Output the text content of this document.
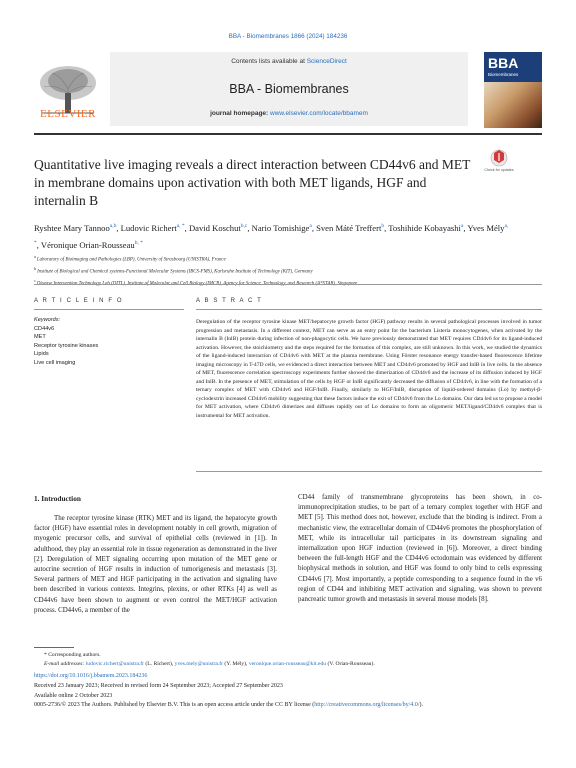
BBA - Biomembranes 1866 (2024) 184236
ELSEVIER
Contents lists available at ScienceDirect
BBA - Biomembranes
journal homepage: www.elsevier.com/locate/bbamem
BBA
Biomembranes
Quantitative live imaging reveals a direct interaction between CD44v6 and MET in membrane domains upon activation with both MET ligands, HGF and internalin B
Check for updates
Ryshtee Mary Tannoo$^{a,b}$, Ludovic Richert$^{a, *}$, David Koschut$^{b,c}$, Nario Tomishige$^a$, Sven Máté Treffert$^b$, Toshihide Kobayashi$^a$, Yves Mély$^{a, *}$, Véronique Orian-Rousseau$^{b, *}$
$^a$ Laboratory of Bioimaging and Pathologies (LBP), University of Strasbourg (UNISTRA), France
$^b$ Institute of Biological and Chemical systems-Functional Molecular Systems (IBCS-FMS), Karlsruhe Institute of Technology (KIT), Germany
$^c$
A R T I C L E I N F O
Keywords:
CD44v6
MET
Receptor tyrosine kinases
Lipids
Live cell imaging
A B S T R A C T
Deregulation of the receptor tyrosine kinase MET/hepatocyte growth factor (HGF) pathway results in several pathological processes involved in tumor progression and metastasis. In a different context, MET can serve as an entry point for the bacterium Listeria monocytogenes, when activated by the internalin B (InlB) protein during infection of non-phagocytic cells. We have previously demonstrated that MET requires CD44v6 for its ligand-induced activation. However, the stoichiometry and the steps required for the formation of this complex, are still unknown. In this work, we studied the dynamics of the ligand-induced interaction of CD44v6 with MET at the plasma membrane. Using Förster resonance energy transfer-based fluorescence lifetime imaging microscopy in T-47D cells, we evidenced a direct interaction between MET and CD44v6 promoted by HGF and InlB in live cells. In the absence of MET, fluorescence correlation spectroscopy experiments further showed the dimerization of CD44v6 and the increase of its diffusion induced by HGF and InlB. In the presence of MET, stimulation of the cells by HGF or InlB significantly decreased the diffusion of CD44v6, in line with the formation of a ternary complex of MET with CD44v6 and HGF/InlB. Finally, similarly to HGF/InlB, disruption of liquid-ordered domains (Lo) by methyl-β-cyclodextrin increased CD44v6 mobility suggesting that these factors induce the exit of CD44v6 from the Lo domains. Our data led us to propose a model for MET activation, where CD44v6 dimerizes and diffuses rapidly out of Lo domains to form an oligomeric MET/ligand/CD44v6 complex that is instrumental for MET activation.
1. Introduction

The receptor tyrosine kinase (RTK) MET and its ligand, the hepatocyte growth factor (HGF) have essential roles in development notably in cell growth, migration of myogenic precursor cells, and survival of epithelial cells (reviewed in [1]). In adulthood, they play an essential role in tissue regeneration as demonstrated in the liver [2]. Deregulation of MET signaling occurring upon mutation of the MET gene or autocrine secretion of HGF results in induction of tumorigenesis and metastasis [3]. Several partners of MET and HGF participating in the activation and signaling have been described in various contexts. Integrins, plexins, or other RTKs [4] as well as CD44v6 have been shown to augment or even control the MET/HGF activation process. CD44v6, a member of the

CD44 family of transmembrane glycoproteins has been shown, in co-immunoprecipitation studies, to be part of a ternary complex together with HGF and MET [5]. This method does not, however, exclude that the binding is indirect. From a mechanistic view, the extracellular domain of CD44v6 promotes the phosphorylation of MET, while its intracellular tail participates in its downstream signaling and internalization upon HGF induction (reviewed in [6]). Moreover, a direct binding between the full-length HGF and the CD44v6 ectodomain was evidenced by different biophysical methods in solution, and HGF was found to only bind to cells expressing CD44v6 [7]. Most importantly, a peptide corresponding to a sequence found in the v6 region of CD44 and inhibiting MET activation and signaling, was shown to prevent pancreatic tumor growth and metastasis in several mouse models [8].

* Corresponding authors.
E-mail addresses: ludovic.richert@unistra.fr (L. Richert), yves.mely@unistra.fr (Y. Mély), veronique.orian-rousseau@kit.edu (V. Orian-Rousseau).
https://doi.org/10.1016/j.bbamem.2023.184236
Received 23 January 2023; Received in revised form 24 September 2023; Accepted 27 September 2023
Available online 2 October 2023
0005-2736/© 2023 The Authors. Published by Elsevier B.V. This is an open access article under the CC BY license (http://creativecommons.org/licenses/by/4.0/).
